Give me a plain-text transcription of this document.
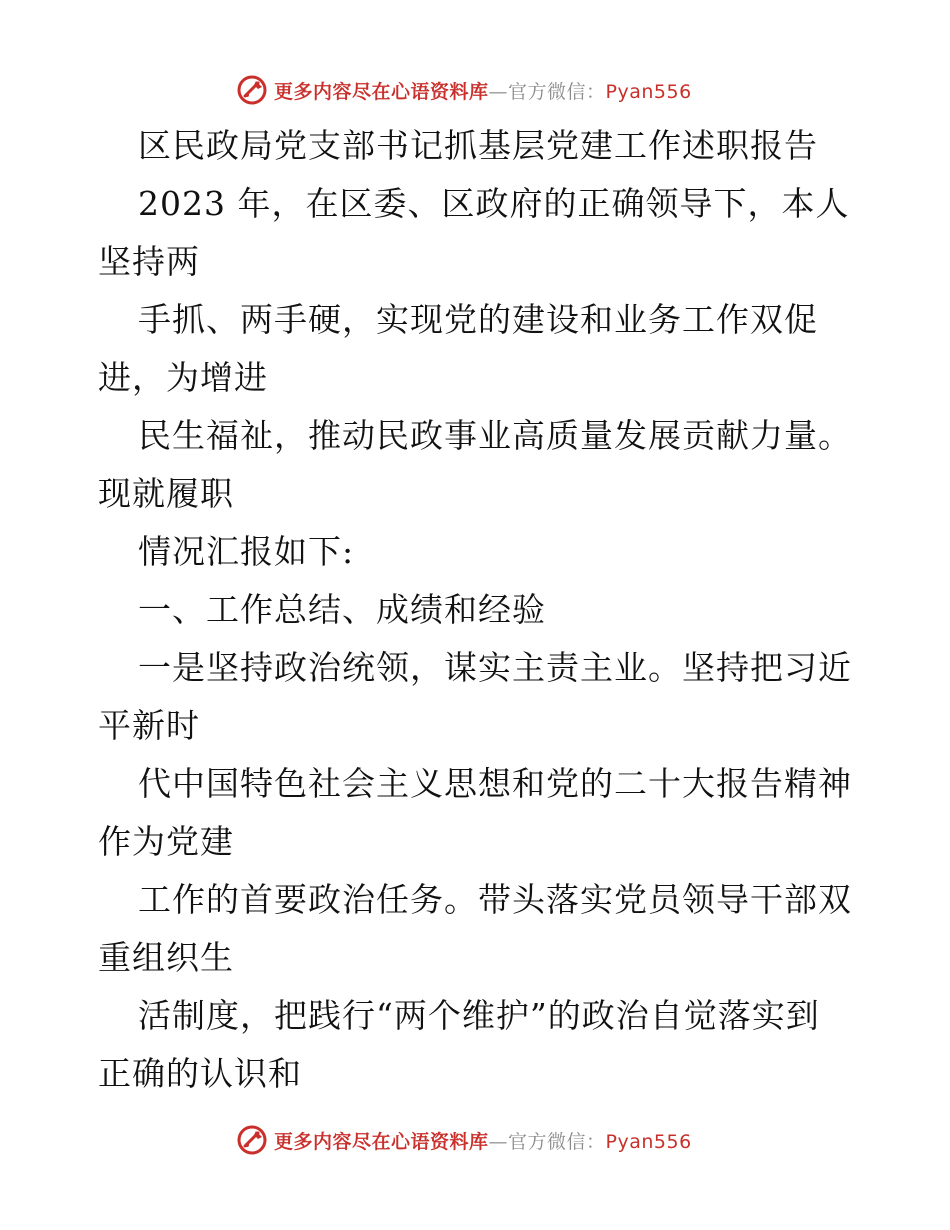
更多内容尽在心语资料库—官方微信：Pyan556
区民政局党支部书记抓基层党建工作述职报告
2023 年，在区委、区政府的正确领导下，本人
坚持两
手抓、两手硬，实现党的建设和业务工作双促
进，为增进
民生福祉，推动民政事业高质量发展贡献力量。
现就履职
情况汇报如下:
一、工作总结、成绩和经验
一是坚持政治统领，谋实主责主业。坚持把习近
平新时
代中国特色社会主义思想和党的二十大报告精神
作为党建
工作的首要政治任务。带头落实党员领导干部双
重组织生
活制度，把践行“两个维护”的政治自觉落实到
正确的认识和
更多内容尽在心语资料库—官方微信：Pyan556
